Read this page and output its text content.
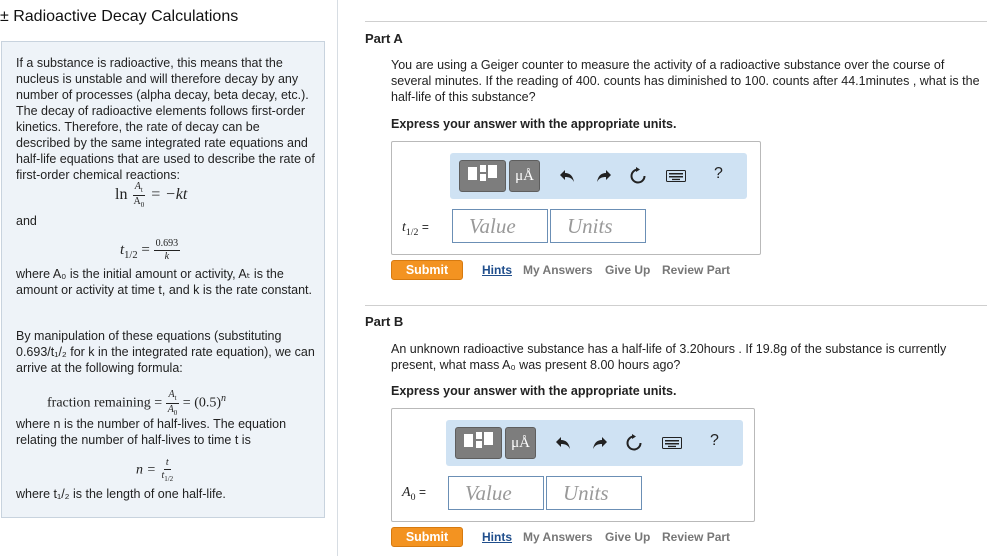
± Radioactive Decay Calculations
If a substance is radioactive, this means that the nucleus is unstable and will therefore decay by any number of processes (alpha decay, beta decay, etc.). The decay of radioactive elements follows first-order kinetics. Therefore, the rate of decay can be described by the same integrated rate equations and half-life equations that are used to describe the rate of first-order chemical reactions:
$\ln \frac{A_t}{A_0} = -kt$
and
$t_{1/2} = \frac{0.693}{k}$
where A₀ is the initial amount or activity, Aₜ is the amount or activity at time t, and k is the rate constant.
By manipulation of these equations (substituting 0.693/t₁/₂ for k in the integrated rate equation), we can arrive at the following formula:
fraction remaining = $\frac{A_t}{A_0} = (0.5)^n$
where n is the number of half-lives. The equation relating the number of half-lives to time t is
$n = \frac{t}{t_{1/2}}$
where t₁/₂ is the length of one half-life.
Part A
You are using a Geiger counter to measure the activity of a radioactive substance over the course of several minutes. If the reading of 400. counts has diminished to 100. counts after 44.1minutes , what is the half-life of this substance?
Express your answer with the appropriate units.
μÅ	?
$t_{1/2}$ =
Value
Units
Submit	Hints My Answers Give Up Review Part
Part B
An unknown radioactive substance has a half-life of 3.20hours . If 19.8g of the substance is currently present, what mass A₀ was present 8.00 hours ago?
Express your answer with the appropriate units.
μÅ	?
$A_0$ =
Value
Units
Submit	Hints My Answers Give Up Review Part
